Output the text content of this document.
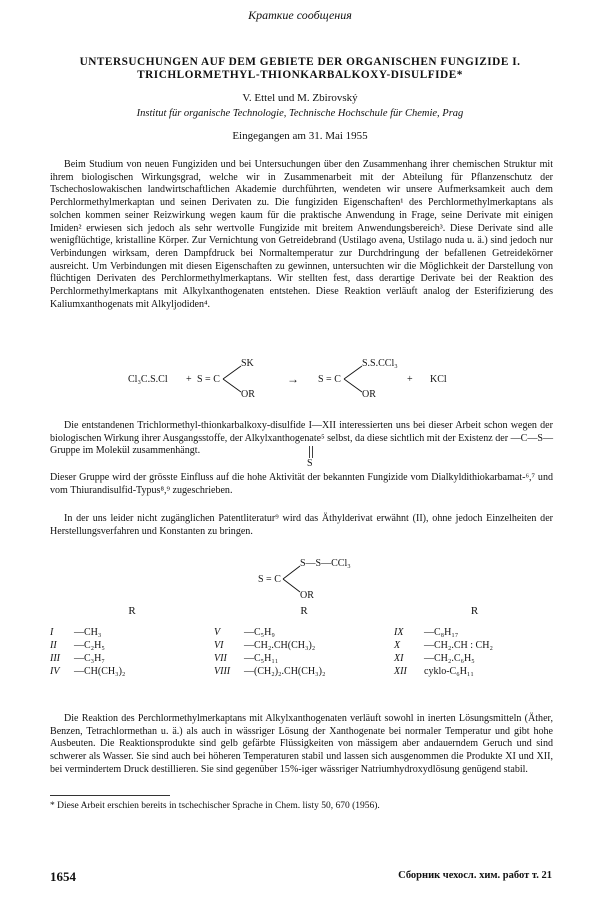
Краткие сообщения
UNTERSUCHUNGEN AUF DEM GEBIETE DER ORGANISCHEN FUNGIZIDE I.
TRICHLORMETHYL-THIONKARBALKOXY-DISULFIDE*
V. Ettel und M. Zbirovský
Institut für organische Technologie, Technische Hochschule für Chemie, Prag
Eingegangen am 31. Mai 1955

Beim Studium von neuen Fungiziden und bei Untersuchungen über den Zusammenhang ihrer chemischen Struktur mit ihrem biologischen Wirkungsgrad, welche wir in Zusammenarbeit mit der Abteilung für Pflanzenschutz der Tschechoslowakischen landwirtschaftlichen Akademie durchführten, wendeten wir unsere Aufmerksamkeit auch dem Perchlormethylmerkaptan und seinen Derivaten zu. Die fungiziden Eigenschaften¹ des Perchlormethylmerkaptans als solchen kommen seiner Reizwirkung wegen kaum für die praktische Anwendung in Frage, seine Derivate mit einigen Imiden² erwiesen sich jedoch als sehr wertvolle Fungizide mit breitem Anwendungsbereich³. Diese Derivate sind alle wenigflüchtige, kristalline Körper. Zur Vernichtung von Getreidebrand (Ustilago avena, Ustilago nuda u. ä.) sind jedoch nur Verbindungen wirksam, deren Dampfdruck bei Normaltemperatur zur Durchdringung der befallenen Getreidekörner ausreicht. Um Verbindungen mit diesen Eigenschaften zu gewinnen, untersuchten wir die Möglichkeit der Darstellung von flüchtigen Derivaten des Perchlormethylmerkaptans. Wir stellten fest, dass derartige Derivate bei der Reaktion des Perchlormethylmerkaptans mit Alkylxanthogenaten entstehen. Diese Reaktion verläuft analog der Esterifizierung des Kaliumxanthogenats mit Alkyljodiden⁴.

Cl₃C.S.Cl + S = C
SK
OR
→ S = C
S.S.CCl₃
OR
+ KCl

Die entstandenen Trichlormethyl-thionkarbalkoxy-disulfide I—XII interessierten uns bei dieser Arbeit schon wegen der biologischen Wirkung ihrer Ausgangsstoffe, der Alkylxanthogenate⁵ selbst, da diese sichtlich mit der Existenz der —C—S— Gruppe im Molekül zusammenhängt.

S

Dieser Gruppe wird der grösste Einfluss auf die hohe Aktivität der bekannten Fungizide vom Dialkyldithiokarbamat-⁶,⁷ und vom Thiurandisulfid-Typus⁸,⁹ zugeschrieben.

In der uns leider nicht zugänglichen Patentliteratur⁹ wird das Äthylderivat erwähnt (II), ohne jedoch Einzelheiten der Herstellungsverfahren und Konstanten zu bringen.

S = C
S—S—CCl₃
OR
R		R		R	
I	—CH₃	V	—C₅H₉	IX	—C₈H₁₇
II	—C₂H₅	VI	—CH₂.CH(CH₃)₂	X	—CH₂.CH : CH₂
III	—C₃H₇	VII	—C₅H₁₁	XI	—CH₂.C₆H₅
IV	—CH(CH₃)₂	VIII	—(CH₂)₂.CH(CH₃)₂	XII	cyklo-C₆H₁₁

Die Reaktion des Perchlormethylmerkaptans mit Alkylxanthogenaten verläuft sowohl in inerten Lösungsmitteln (Äther, Benzen, Tetrachlormethan u. ä.) als auch in wässriger Lösung der Xanthogenate bei normaler Temperatur und gibt hohe Ausbeuten. Die Reaktionsprodukte sind gelb gefärbte Flüssigkeiten von mässigem aber andauerndem Geruch und sind schwerer als Wasser. Sie sind auch bei höheren Temperaturen stabil und lassen sich ausgenommen die Produkte XI und XII, bei vermindertem Druck destillieren. Sie sind gegenüber 15%-iger wässriger Natriumhydroxydlösung genügend stabil.

* Diese Arbeit erschien bereits in tschechischer Sprache in Chem. listy 50, 670 (1956).
1654	Сборник чехосл. хим. работ т. 21
